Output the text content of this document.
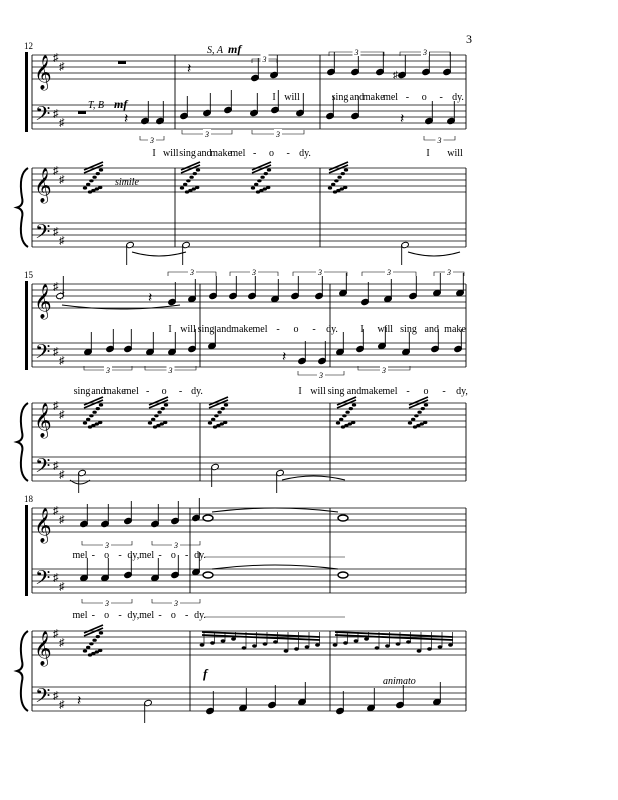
3
𝄞 ♯
♯
𝄢 ♯
♯
𝄞 ♯
♯
𝄢 ♯
♯
𝄞 ♯
𝄢 ♯
♯
𝄞 ♯
♯
𝄢 ♯
♯
𝄞 ♯
♯
𝄢 ♯
♯
𝄞 ♯
♯
𝄢 ♯
♯
𝄽	♯
𝄽	𝄽
𝄽
𝄽
𝄽
3
3	3
3
3	3
3
3	3	3	3	3
3	3
3
3
3	3
3	3
12
15
18
S, A mf
I will	sing and
make
mel - o - dy.
T, B mf
I will sing and
make
mel - o - dy.	I will
simile
I will sing and make mel - o - dy. I will sing and make
sing and
make
mel - o - dy.	I will sing and make mel - o - dy,
mel - o - dy, mel - o - dy.
mel - o - dy, mel - o - dy.
f
animato
